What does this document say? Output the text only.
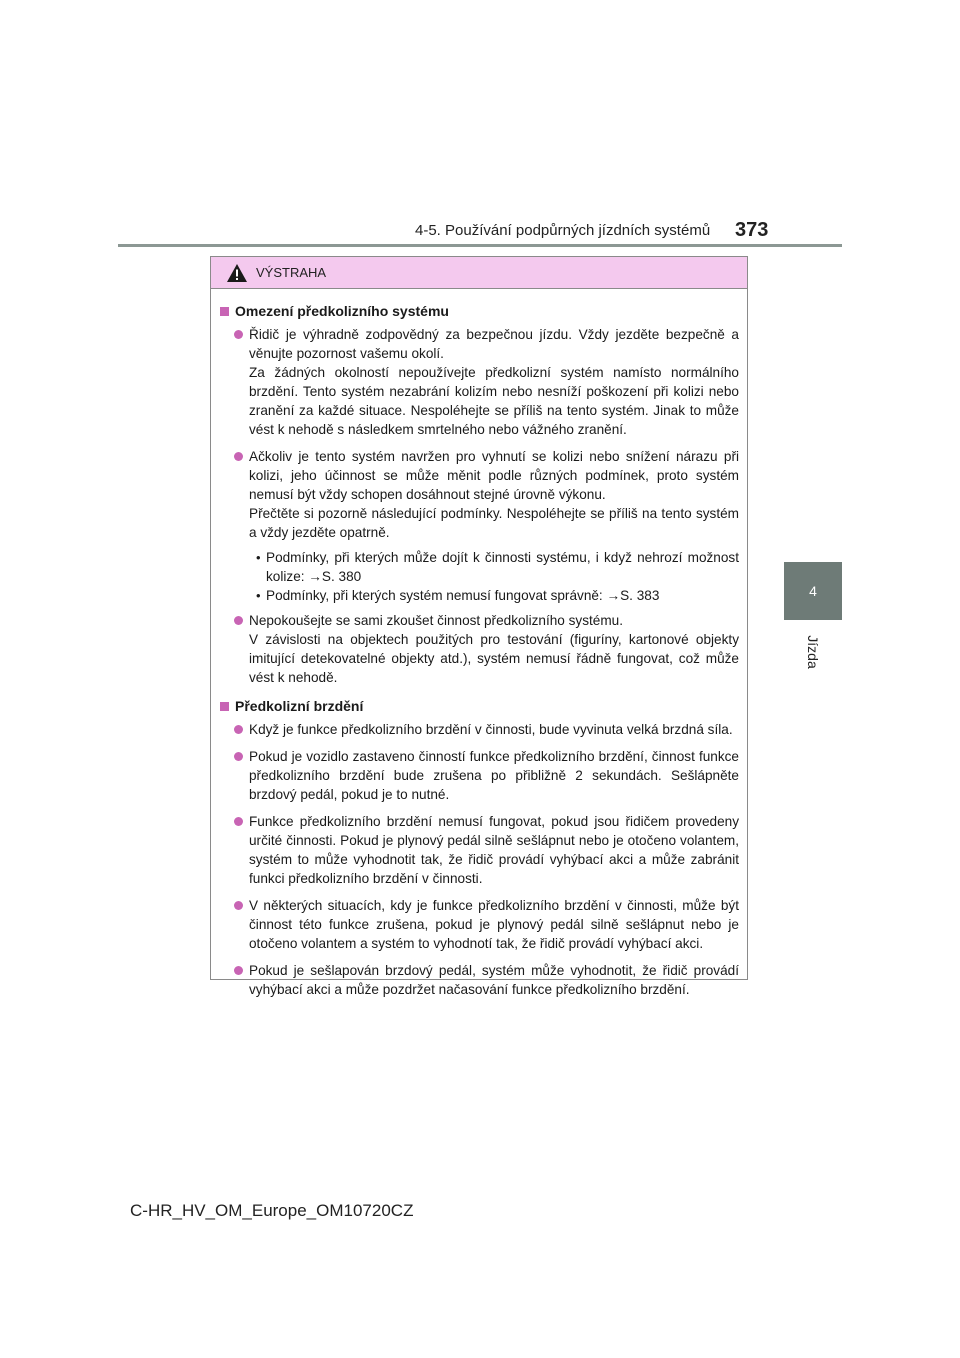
4-5. Používání podpůrných jízdních systémů 373
4
Jízda
VÝSTRAHA
Omezení předkolizního systému
Řidič je výhradně zodpovědný za bezpečnou jízdu. Vždy jezděte bezpečně a věnujte pozornost vašemu okolí.
Za žádných okolností nepoužívejte předkolizní systém namísto normálního brzdění. Tento systém nezabrání kolizím nebo nesníží poškození při kolizi nebo zranění za každé situace. Nespoléhejte se příliš na tento systém. Jinak to může vést k nehodě s následkem smrtelného nebo vážného zranění.
Ačkoliv je tento systém navržen pro vyhnutí se kolizi nebo snížení nárazu při kolizi, jeho účinnost se může měnit podle různých podmínek, proto systém nemusí být vždy schopen dosáhnout stejné úrovně výkonu.
Přečtěte si pozorně následující podmínky. Nespoléhejte se příliš na tento systém a vždy jezděte opatrně.
• Podmínky, při kterých může dojít k činnosti systému, i když nehrozí možnost kolize: →S. 380
• Podmínky, při kterých systém nemusí fungovat správně: →S. 383
Nepokoušejte se sami zkoušet činnost předkolizního systému.
V závislosti na objektech použitých pro testování (figuríny, kartonové objekty imitující detekovatelné objekty atd.), systém nemusí řádně fungovat, což může vést k nehodě.
Předkolizní brzdění
Když je funkce předkolizního brzdění v činnosti, bude vyvinuta velká brzdná síla.
Pokud je vozidlo zastaveno činností funkce předkolizního brzdění, činnost funkce předkolizního brzdění bude zrušena po přibližně 2 sekundách. Sešlápněte brzdový pedál, pokud je to nutné.
Funkce předkolizního brzdění nemusí fungovat, pokud jsou řidičem provedeny určité činnosti. Pokud je plynový pedál silně sešlápnut nebo je otočeno volantem, systém to může vyhodnotit tak, že řidič provádí vyhýbací akci a může zabránit funkci předkolizního brzdění v činnosti.
V některých situacích, kdy je funkce předkolizního brzdění v činnosti, může být činnost této funkce zrušena, pokud je plynový pedál silně sešlápnut nebo je otočeno volantem a systém to vyhodnotí tak, že řidič provádí vyhýbací akci.
Pokud je sešlapován brzdový pedál, systém může vyhodnotit, že řidič provádí vyhýbací akci a může pozdržet načasování funkce předkolizního brzdění.
C-HR_HV_OM_Europe_OM10720CZ
